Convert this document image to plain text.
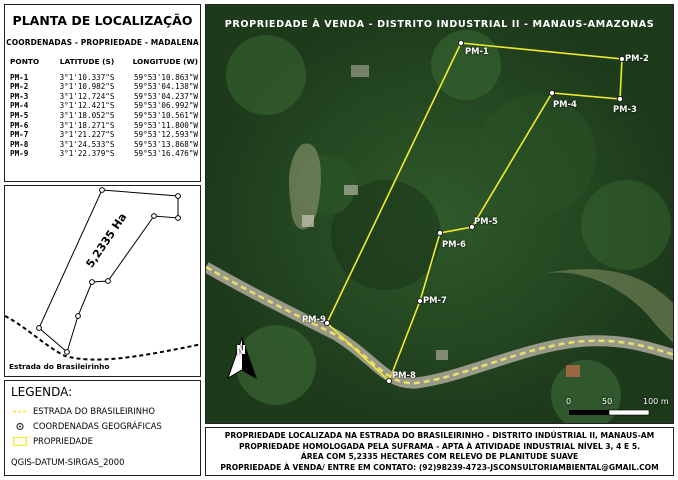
PLANTA DE LOCALIZAÇÃO
COORDENADAS - PROPRIEDADE - MADALENA
PONTO	LATITUDE (S)	LONGITUDE (W)
PM-1	3°1'10.337"S	59°53'10.863"W
PM-2	3°1'10.982"S	59°53'04.138"W
PM-3	3°1'12.724"S	59°53'04.237"W
PM-4	3°1'12.421"S	59°53'06.992"W
PM-5	3°1'18.052"S	59°53'10.561"W
PM-6	3°1'18.271"S	59°53'11.800"W
PM-7	3°1'21.227"S	59°53'12.593"W
PM-8	3°1'24.533"S	59°53'13.868"W
PM-9	3°1'22.379"S	59°53'16.476"W
5,2335 Ha
Estrada do Brasileirinho
LEGENDA:
ESTRADA DO BRASILEIRINHO
COORDENADAS GEOGRÁFICAS
PROPRIEDADE
QGIS-DATUM-SIRGAS_2000
PROPRIEDADE À VENDA - DISTRITO INDUSTRIAL II - MANAUS-AMAZONAS
PM-1
PM-2
PM-3
PM-4
PM-5
PM-6
PM-7
PM-8
PM-9
N
0	50	100 m
PROPRIEDADE LOCALIZADA NA ESTRADA DO BRASILEIRINHO - DISTRITO INDÚSTRIAL II, MANAUS-AM
PROPRIEDADE HOMOLOGADA PELA SUFRAMA - APTA À ATIVIDADE INDUSTRIAL NÍVEL 3, 4 E 5.
ÁREA COM 5,2335 HECTARES COM RELEVO DE PLANITUDE SUAVE
PROPRIEDADE À VENDA/ ENTRE EM CONTATO: (92)98239-4723-JSCONSULTORIAMBIENTAL@GMAIL.COM
